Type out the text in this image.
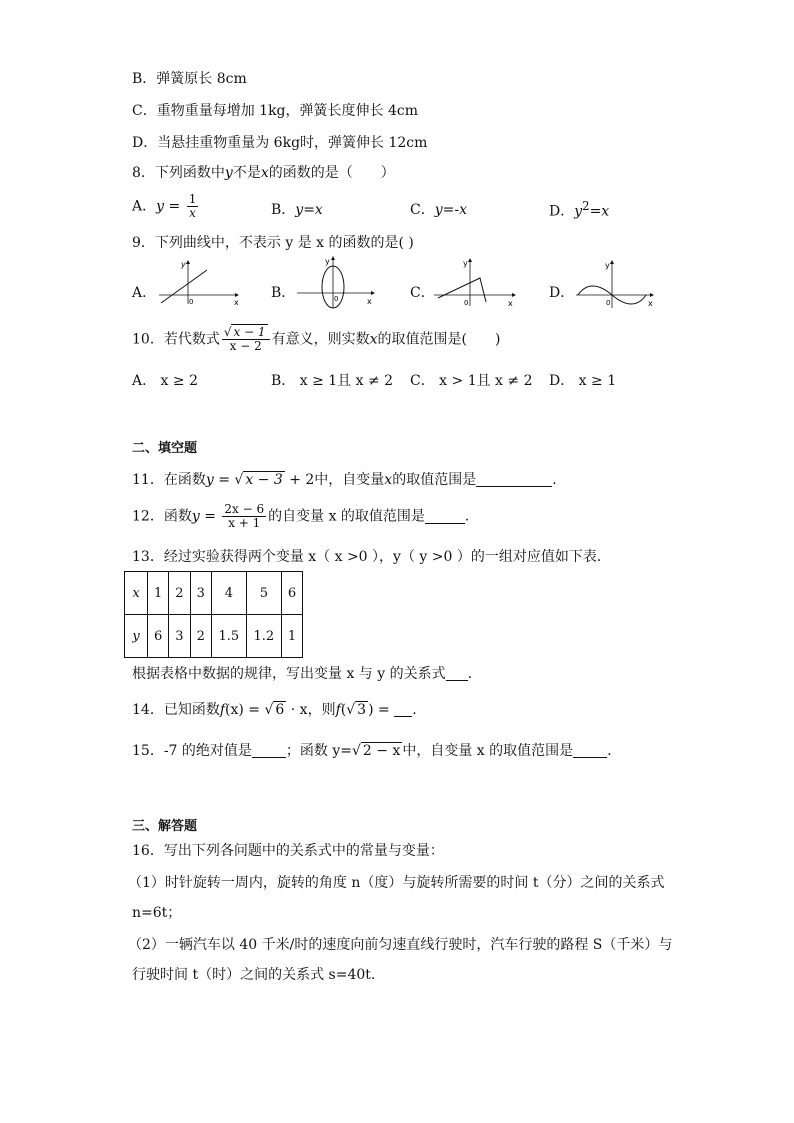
B．弹簧原长 8cm
C．重物重量每增加 1kg，弹簧长度伸长 4cm
D．当悬挂重物重量为 6kg时，弹簧伸长 12cm
8．下列函数中y不是x的函数的是（　　）
A．$y = \frac{1}{x}$	B．y=x	C．y=-x	D．$y^2=x$
9．下列曲线中，不表示 y 是 x 的函数的是( )
A．
y
x
0
B．
y
x
0	C．
y
x
0
D．
y
x
0
10．若代数式 $\frac{√ x - 1}{x - 2}$ 有意义，则实数x的取值范围是(　　)
A． x ≥ 2	B． x ≥ 1且 x ≠ 2 C． x > 1且 x ≠ 2 D． x ≥ 1
二、填空题
11．在函数y = √ x − 3 + 2中，自变量x的取值范围是	.
12．函数$y = \frac{2x - 6}{x + 1}$ 的自变量 x 的取值范围是	.
13．经过实验获得两个变量 x（ x >0 ），y（ y >0 ）的一组对应值如下表．
x	1	2	3	4	5	6
y	6	3	2	1.5	1.2	1
根据表格中数据的规律，写出变量 x 与 y 的关系式 .
14．已知函数f(x) = √ 6 · x，则f(√ 3 ) = .
15．-7 的绝对值是 ；函数 y=√ 2 − x 中，自变量 x 的取值范围是 .
三、解答题
16．写出下列各问题中的关系式中的常量与变量：
（1）时针旋转一周内，旋转的角度 n（度）与旋转所需要的时间 t（分）之间的关系式
n=6t；
（2）一辆汽车以 40 千米/时的速度向前匀速直线行驶时，汽车行驶的路程 S（千米）与
行驶时间 t（时）之间的关系式 s=40t.
